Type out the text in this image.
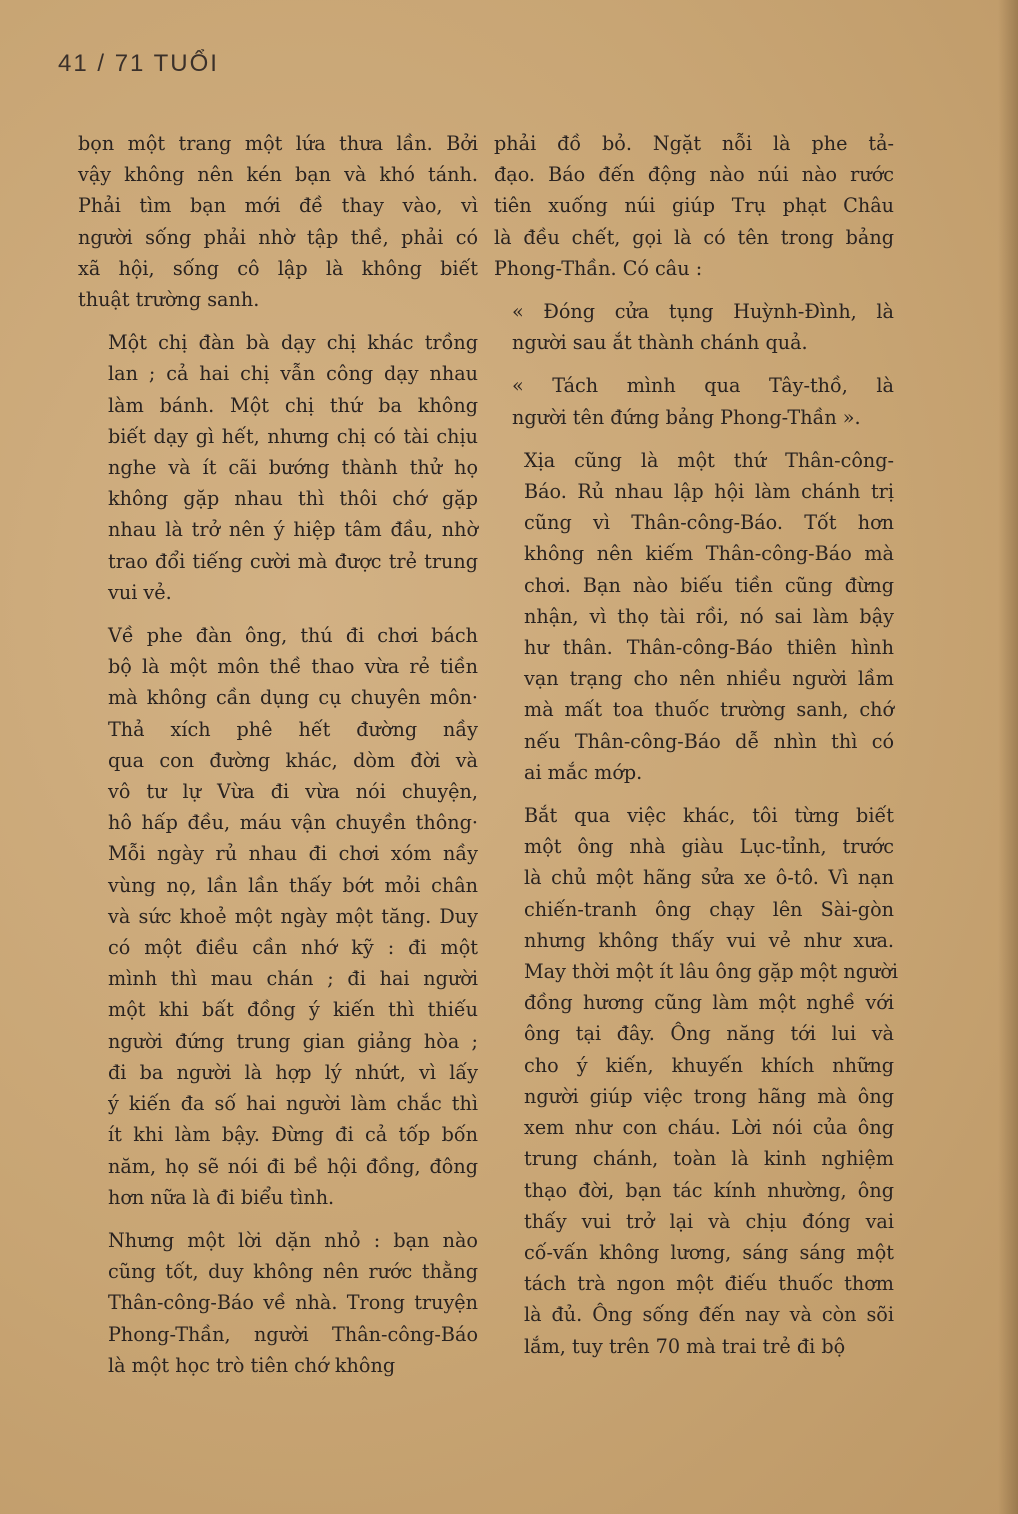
41 / 71 TUỔI

bọn một trang một lứa thưa lần. Bởi
vậy không nên kén bạn và khó tánh.
Phải tìm bạn mới đề thay vào, vì
người sống phải nhờ tập thề, phải có
xã hội, sống cô lập là không biết
thuật trường sanh.

Một chị đàn bà dạy chị khác trồng
lan ; cả hai chị vẫn công dạy nhau
làm bánh. Một chị thứ ba không
biết dạy gì hết, nhưng chị có tài chịu
nghe và ít cãi bướng thành thử họ
không gặp nhau thì thôi chớ gặp
nhau là trở nên ý hiệp tâm đầu, nhờ
trao đổi tiếng cười mà được trẻ trung
vui vẻ.

Về phe đàn ông, thú đi chơi bách
bộ là một môn thề thao vừa rẻ tiền
mà không cần dụng cụ chuyên môn·
Thả xích phê hết đường nầy
qua con đường khác, dòm đời và
vô tư lự Vừa đi vừa nói chuyện,
hô hấp đều, máu vận chuyền thông·
Mỗi ngày rủ nhau đi chơi xóm nầy
vùng nọ, lần lần thấy bớt mỏi chân
và sức khoẻ một ngày một tăng. Duy
có một điều cần nhớ kỹ : đi một
mình thì mau chán ; đi hai người
một khi bất đồng ý kiến thì thiếu
người đứng trung gian giảng hòa ;
đi ba người là hợp lý nhứt, vì lấy
ý kiến đa số hai người làm chắc thì
ít khi làm bậy. Đừng đi cả tốp bốn
năm, họ sẽ nói đi bề hội đồng, đông
hơn nữa là đi biểu tình.

Nhưng một lời dặn nhỏ : bạn nào
cũng tốt, duy không nên rước thằng
Thân-công-Báo về nhà. Trong truyện
Phong-Thần, người Thân-công-Báo
là một học trò tiên chớ không

phải đồ bỏ. Ngặt nỗi là phe tả-
đạo. Báo đến động nào núi nào rước
tiên xuống núi giúp Trụ phạt Châu
là đều chết, gọi là có tên trong bảng
Phong-Thần. Có câu :

« Đóng cửa tụng Huỳnh-Đình, là
người sau ắt thành chánh quả.

« Tách mình qua Tây-thồ, là
người tên đứng bảng Phong-Thần ».

Xịa cũng là một thứ Thân-công-
Báo. Rủ nhau lập hội làm chánh trị
cũng vì Thân-công-Báo. Tốt hơn
không nên kiếm Thân-công-Báo mà
chơi. Bạn nào biếu tiền cũng đừng
nhận, vì thọ tài rồi, nó sai làm bậy
hư thân. Thân-công-Báo thiên hình
vạn trạng cho nên nhiều người lầm
mà mất toa thuốc trường sanh, chớ
nếu Thân-công-Báo dễ nhìn thì có
ai mắc mớp.

Bắt qua việc khác, tôi từng biết
một ông nhà giàu Lục-tỉnh, trước
là chủ một hãng sửa xe ô-tô. Vì nạn
chiến-tranh ông chạy lên Sài-gòn
nhưng không thấy vui vẻ như xưa.
May thời một ít lâu ông gặp một người
đồng hương cũng làm một nghề với
ông tại đây. Ông năng tới lui và
cho ý kiến, khuyến khích những
người giúp việc trong hãng mà ông
xem như con cháu. Lời nói của ông
trung chánh, toàn là kinh nghiệm
thạo đời, bạn tác kính nhường, ông
thấy vui trở lại và chịu đóng vai
cố-vấn không lương, sáng sáng một
tách trà ngon một điếu thuốc thơm
là đủ. Ông sống đến nay và còn sõi
lắm, tuy trên 70 mà trai trẻ đi bộ
